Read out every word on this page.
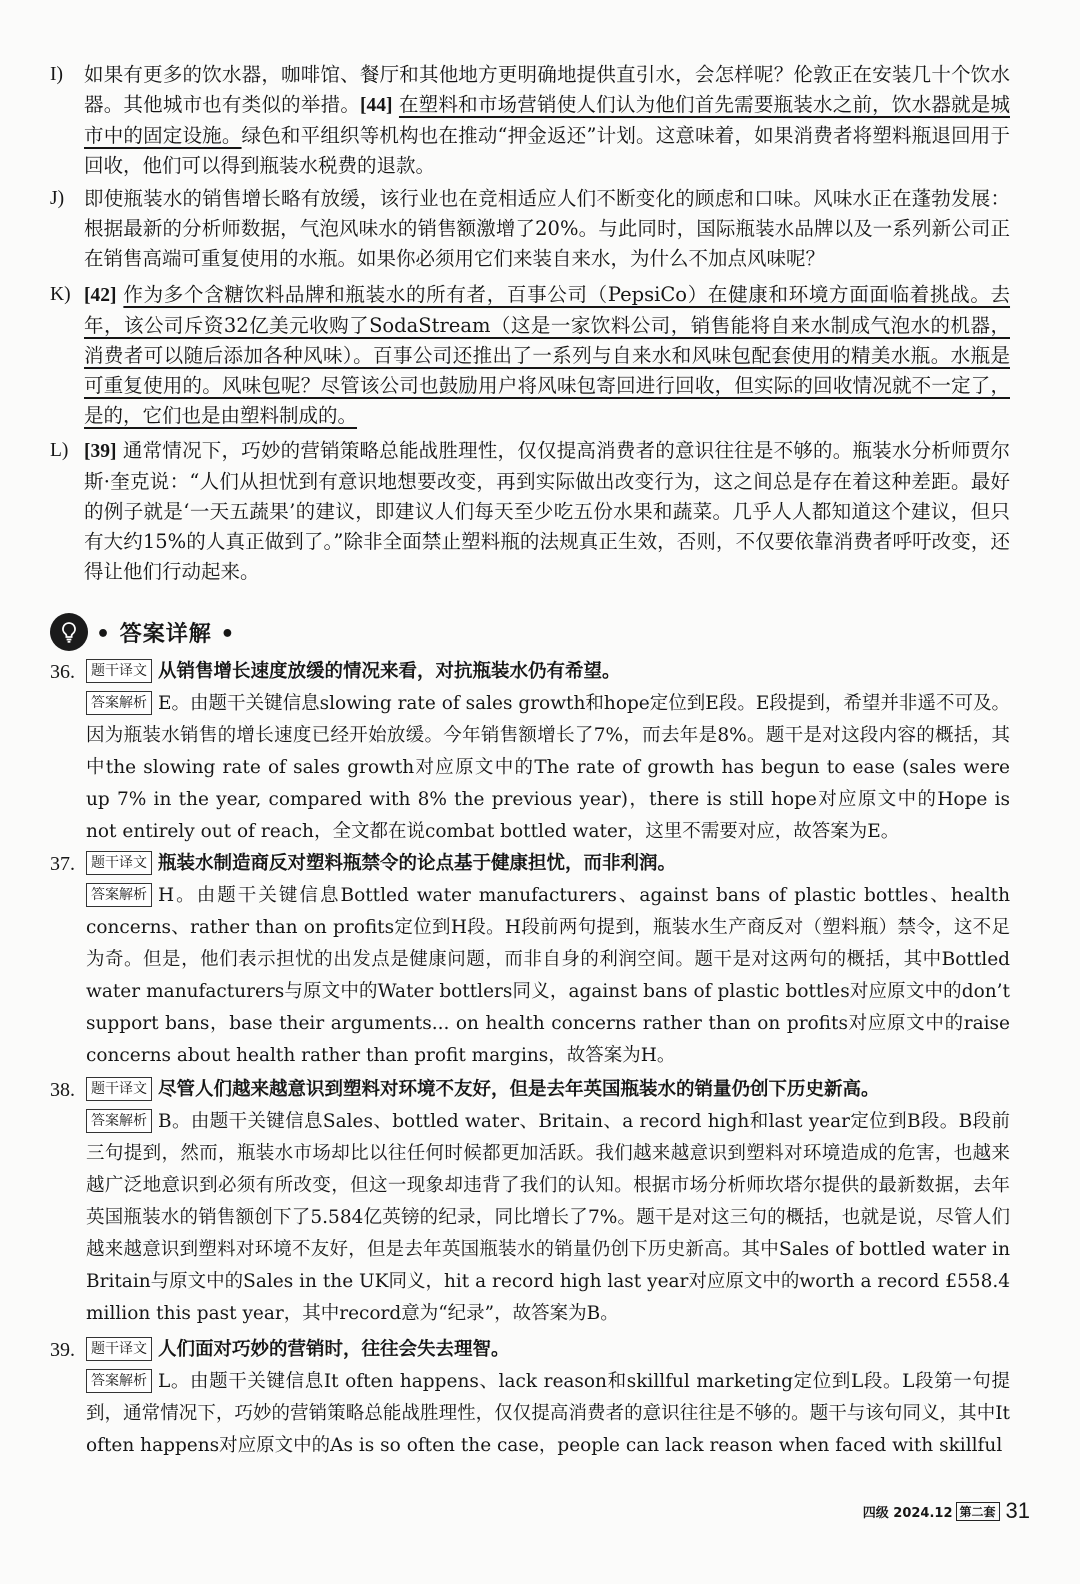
I)	如果有更多的饮水器，咖啡馆、餐厅和其他地方更明确地提供直引水，会怎样呢？伦敦正在安装几十个饮水器。其他城市也有类似的举措。[44] 在塑料和市场营销使人们认为他们首先需要瓶装水之前，饮水器就是城市中的固定设施。绿色和平组织等机构也在推动“押金返还”计划。这意味着，如果消费者将塑料瓶退回用于回收，他们可以得到瓶装水税费的退款。
J)	即使瓶装水的销售增长略有放缓，该行业也在竞相适应人们不断变化的顾虑和口味。风味水正在蓬勃发展：根据最新的分析师数据，气泡风味水的销售额激增了20%。与此同时，国际瓶装水品牌以及一系列新公司正在销售高端可重复使用的水瓶。如果你必须用它们来装自来水，为什么不加点风味呢？
K) [42] 作为多个含糖饮料品牌和瓶装水的所有者，百事公司（PepsiCo）在健康和环境方面面临着挑战。去年，该公司斥资32亿美元收购了SodaStream（这是一家饮料公司，销售能将自来水制成气泡水的机器，消费者可以随后添加各种风味）。百事公司还推出了一系列与自来水和风味包配套使用的精美水瓶。水瓶是可重复使用的。风味包呢？尽管该公司也鼓励用户将风味包寄回进行回收，但实际的回收情况就不一定了，是的，它们也是由塑料制成的。
L) [39] 通常情况下，巧妙的营销策略总能战胜理性，仅仅提高消费者的意识往往是不够的。瓶装水分析师贾尔斯·奎克说：“人们从担忧到有意识地想要改变，再到实际做出改变行为，这之间总是存在着这种差距。最好的例子就是‘一天五蔬果’的建议，即建议人们每天至少吃五份水果和蔬菜。几乎人人都知道这个建议，但只有大约15%的人真正做到了。”除非全面禁止塑料瓶的法规真正生效，否则，不仅要依靠消费者呼吁改变，还得让他们行动起来。
• 答案详解 •
36.	题干译文 从销售增长速度放缓的情况来看，对抗瓶装水仍有希望。
答案解析 E。由题干关键信息slowing rate of sales growth和hope定位到E段。E段提到，希望并非遥不可及。因为瓶装水销售的增长速度已经开始放缓。今年销售额增长了7%，而去年是8%。题干是对这段内容的概括，其中the slowing rate of sales growth对应原文中的The rate of growth has begun to ease (sales were up 7% in the year, compared with 8% the previous year)，there is still hope对应原文中的Hope is not entirely out of reach，全文都在说combat bottled water，这里不需要对应，故答案为E。
37.	题干译文 瓶装水制造商反对塑料瓶禁令的论点基于健康担忧，而非利润。
答案解析 H。由题干关键信息Bottled water manufacturers、against bans of plastic bottles、health concerns、rather than on profits定位到H段。H段前两句提到，瓶装水生产商反对（塑料瓶）禁令，这不足为奇。但是，他们表示担忧的出发点是健康问题，而非自身的利润空间。题干是对这两句的概括，其中Bottled water manufacturers与原文中的Water bottlers同义，against bans of plastic bottles对应原文中的don’t support bans，base their arguments... on health concerns rather than on profits对应原文中的raise concerns about health rather than profit margins，故答案为H。
38.	题干译文 尽管人们越来越意识到塑料对环境不友好，但是去年英国瓶装水的销量仍创下历史新高。
答案解析 B。由题干关键信息Sales、bottled water、Britain、a record high和last year定位到B段。B段前三句提到，然而，瓶装水市场却比以往任何时候都更加活跃。我们越来越意识到塑料对环境造成的危害，也越来越广泛地意识到必须有所改变，但这一现象却违背了我们的认知。根据市场分析师坎塔尔提供的最新数据，去年英国瓶装水的销售额创下了5.584亿英镑的纪录，同比增长了7%。题干是对这三句的概括，也就是说，尽管人们越来越意识到塑料对环境不友好，但是去年英国瓶装水的销量仍创下历史新高。其中Sales of bottled water in Britain与原文中的Sales in the UK同义，hit a record high last year对应原文中的worth a record £558.4 million this past year，其中record意为“纪录”，故答案为B。
39.	题干译文 人们面对巧妙的营销时，往往会失去理智。
答案解析 L。由题干关键信息It often happens、lack reason和skillful marketing定位到L段。L段第一句提到，通常情况下，巧妙的营销策略总能战胜理性，仅仅提高消费者的意识往往是不够的。题干与该句同义，其中It often happens对应原文中的As is so often the case，people can lack reason when faced with skillful
四级 2024.12 第二套 31
